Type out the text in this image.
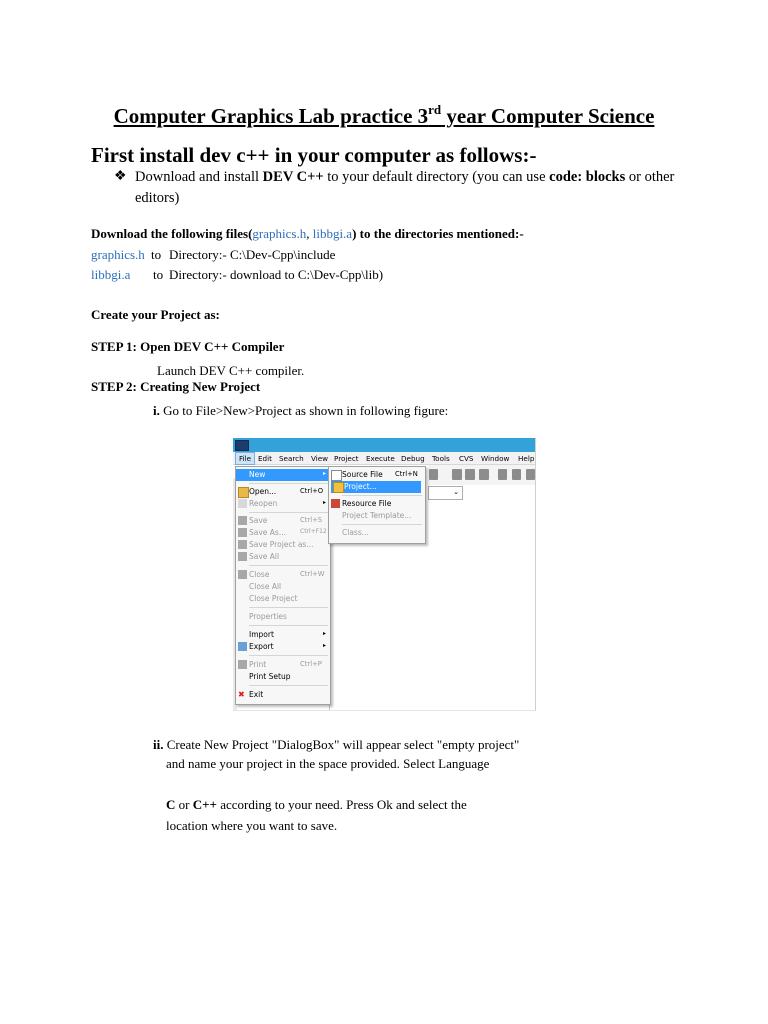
Computer Graphics Lab practice 3rd year Computer Science
First install dev c++ in your computer as follows:-
❖ Download and install DEV C++ to your default directory (you can use code: blocks or other editors)
Download the following files(graphics.h, libbgi.a) to the directories mentioned:-
graphics.h to Directory:- C:\Dev-Cpp\include
libbgi.a to Directory:- download to C:\Dev-Cpp\lib)
Create your Project as:
STEP 1: Open DEV C++ Compiler
Launch DEV C++ compiler.
STEP 2: Creating New Project
i. Go to File>New>Project as shown in following figure:
File Edit Search View Project Execute Debug Tools CVS Window Help
⌄
New	▸
Open...	Ctrl+O
Reopen	▸
Save	Ctrl+S
Save As... Ctrl+F12
Save Project as...
Save All
Close	Ctrl+W
Close All
Close Project
Properties
Import	▸
Export	▸
Print	Ctrl+P
Print Setup
✖ Exit
Source File Ctrl+N
Project...
Resource File
Project Template...
Class...
ii. Create New Project "DialogBox" will appear select "empty project"
and name your project in the space provided. Select Language
C or C++ according to your need. Press Ok and select the
location where you want to save.
